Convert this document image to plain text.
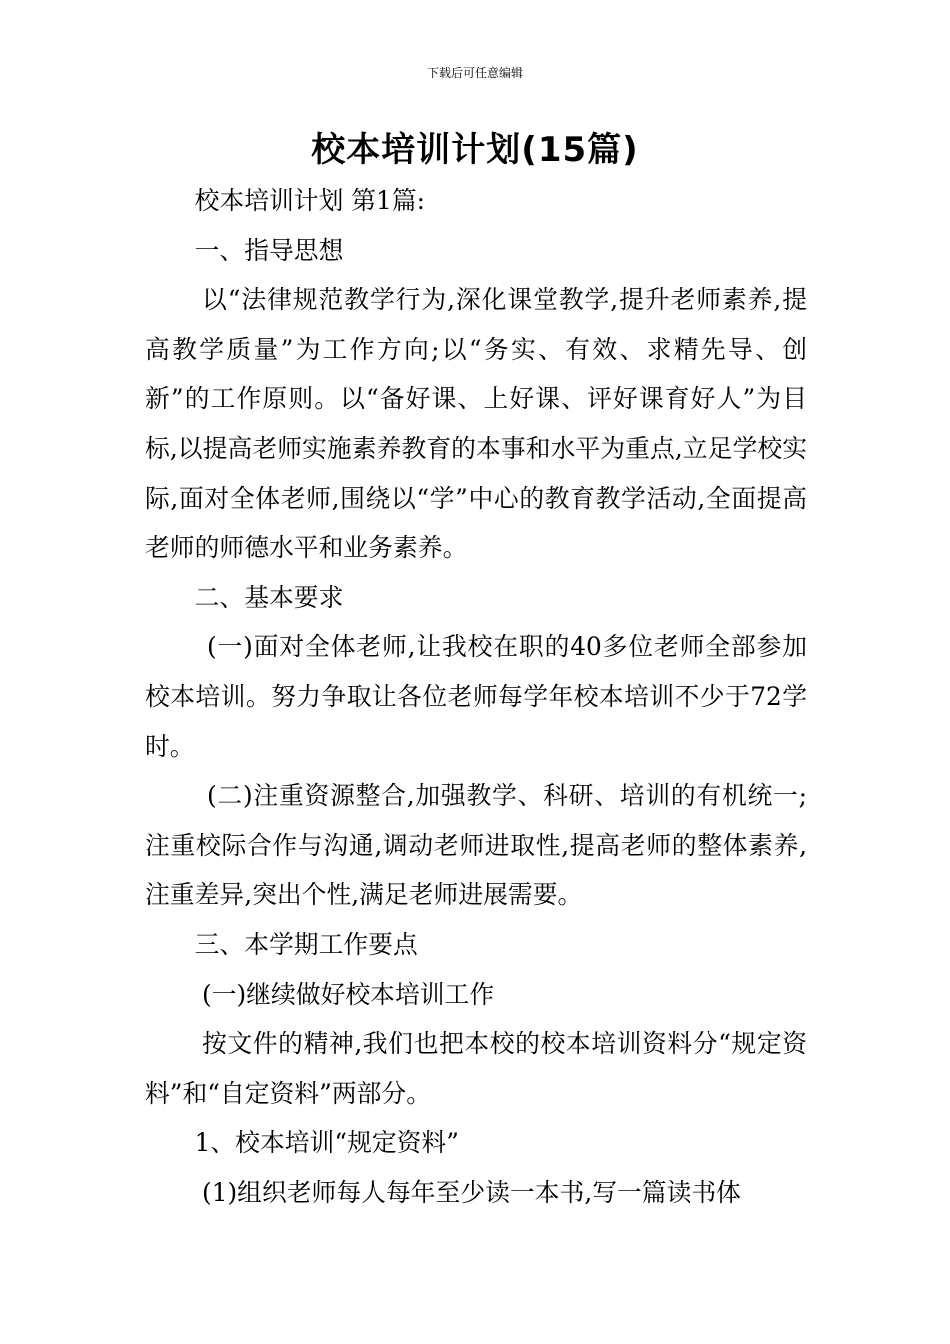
下载后可任意编辑
校本培训计划(15篇)

校本培训计划 第1篇:

一、指导思想

以“法律规范教学行为,深化课堂教学,提升老师素养,提高教学质量”为工作方向;以“务实、有效、求精先导、创新”的工作原则。以“备好课、上好课、评好课育好人”为目标,以提高老师实施素养教育的本事和水平为重点,立足学校实际,面对全体老师,围绕以“学”中心的教育教学活动,全面提高老师的师德水平和业务素养。

二、基本要求

(一)面对全体老师,让我校在职的40多位老师全部参加校本培训。努力争取让各位老师每学年校本培训不少于72学时。

(二)注重资源整合,加强教学、科研、培训的有机统一;注重校际合作与沟通,调动老师进取性,提高老师的整体素养,注重差异,突出个性,满足老师进展需要。

三、本学期工作要点

(一)继续做好校本培训工作

按文件的精神,我们也把本校的校本培训资料分“规定资料”和“自定资料”两部分。

1、校本培训“规定资料”

(1)组织老师每人每年至少读一本书,写一篇读书体
